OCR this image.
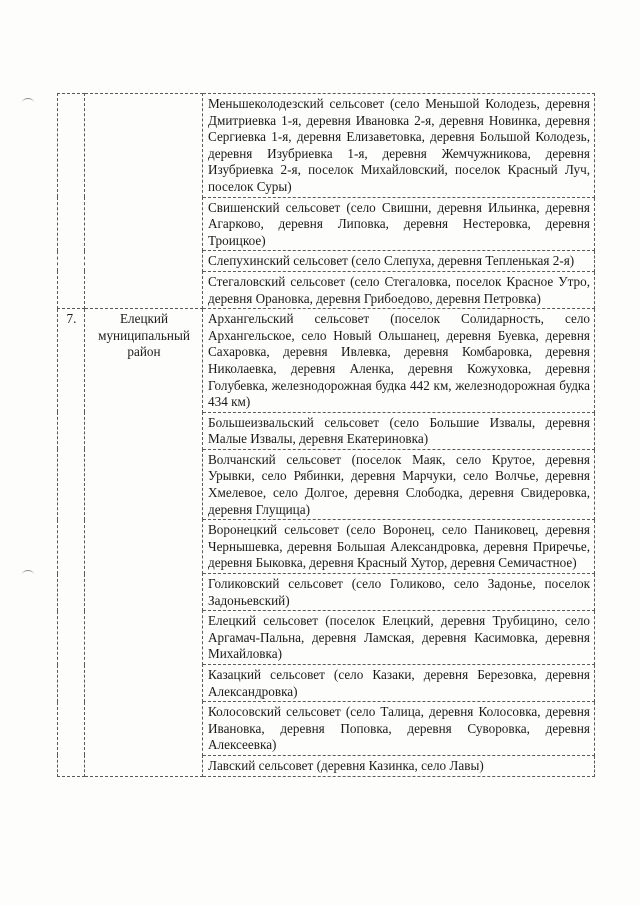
		Меньшеколодезский сельсовет (село Меньшой Колодезь, деревня Дмитриевка 1-я, деревня Ивановка 2-я, деревня Новинка, деревня Сергиевка 1-я, деревня Елизаветовка, деревня Большой Колодезь, деревня Изубриевка 1-я, деревня Жемчужникова, деревня Изубриевка 2-я, поселок Михайловский, поселок Красный Луч, поселок Суры)
		Свишенский сельсовет (село Свишни, деревня Ильинка, деревня Агарково, деревня Липовка, деревня Нестеровка, деревня Троицкое)
		Слепухинский сельсовет (село Слепуха, деревня Тепленькая 2-я)
		Стегаловский сельсовет (село Стегаловка, поселок Красное Утро, деревня Орановка, деревня Грибоедово, деревня Петровка)
7.	Елецкий муниципальный район	Архангельский сельсовет (поселок Солидарность, село Архангельское, село Новый Ольшанец, деревня Буевка, деревня Сахаровка, деревня Ивлевка, деревня Комбаровка, деревня Николаевка, деревня Аленка, деревня Кожуховка, деревня Голубевка, железнодорожная будка 442 км, железнодорожная будка 434 км)
		Большеизвальский сельсовет (село Большие Извалы, деревня Малые Извалы, деревня Екатериновка)
		Волчанский сельсовет (поселок Маяк, село Крутое, деревня Урывки, село Рябинки, деревня Марчуки, село Волчье, деревня Хмелевое, село Долгое, деревня Слободка, деревня Свидеровка, деревня Глущица)
		Воронецкий сельсовет (село Воронец, село Паниковец, деревня Чернышевка, деревня Большая Александровка, деревня Приречье, деревня Быковка, деревня Красный Хутор, деревня Семичастное)
		Голиковский сельсовет (село Голиково, село Задонье, поселок Задоньевский)
		Елецкий сельсовет (поселок Елецкий, деревня Трубицино, село Аргамач-Пальна, деревня Ламская, деревня Касимовка, деревня Михайловка)
		Казацкий сельсовет (село Казаки, деревня Березовка, деревня Александровка)
		Колосовский сельсовет (село Талица, деревня Колосовка, деревня Ивановка, деревня Поповка, деревня Суворовка, деревня Алексеевка)
		Лавский сельсовет (деревня Казинка, село Лавы)
